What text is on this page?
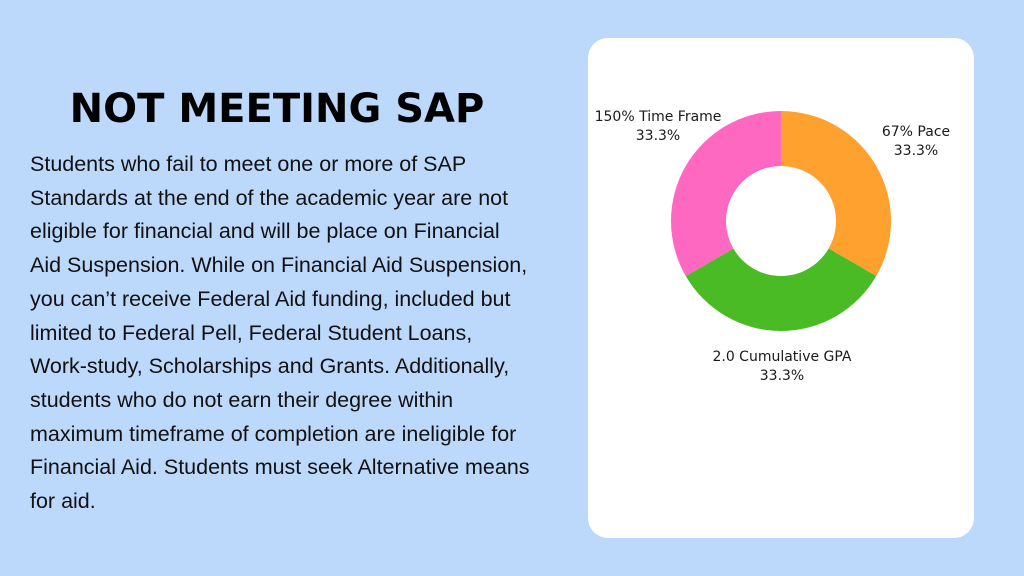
NOT MEETING SAP

Students who fail to meet one or more of SAP Standards at the end of the academic year are not eligible for financial and will be place on Financial Aid Suspension. While on Financial Aid Suspension, you can’t receive Federal Aid funding, included but limited to Federal Pell, Federal Student Loans, Work-study, Scholarships and Grants. Additionally, students who do not earn their degree within maximum timeframe of completion are ineligible for Financial Aid. Students must seek Alternative means for aid.

67% Pace
33.3%
2.0 Cumulative GPA
33.3%
150% Time Frame
33.3%
